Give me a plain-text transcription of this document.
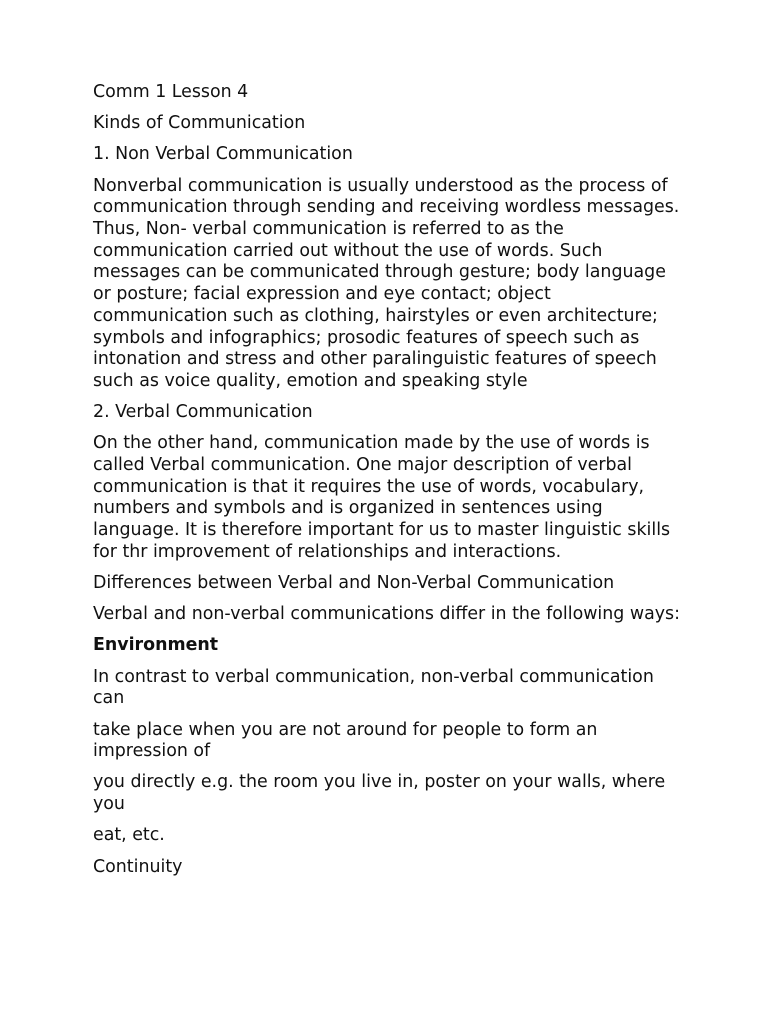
Comm 1 Lesson 4

Kinds of Communication

1. Non Verbal Communication

Nonverbal communication is usually understood as the process of communication through sending and receiving wordless messages. Thus, Non- verbal communication is referred to as the communication carried out without the use of words. Such messages can be communicated through gesture; body language or posture; facial expression and eye contact; object communication such as clothing, hairstyles or even architecture; symbols and infographics; prosodic features of speech such as intonation and stress and other paralinguistic features of speech such as voice quality, emotion and speaking style

2. Verbal Communication

On the other hand, communication made by the use of words is called Verbal communication. One major description of verbal communication is that it requires the use of words, vocabulary, numbers and symbols and is organized in sentences using language. It is therefore important for us to master linguistic skills for thr improvement of relationships and interactions.

Differences between Verbal and Non-Verbal Communication

Verbal and non-verbal communications differ in the following ways:

Environment

In contrast to verbal communication, non-verbal communication can

take place when you are not around for people to form an impression of

you directly e.g. the room you live in, poster on your walls, where you

eat, etc.

Continuity
